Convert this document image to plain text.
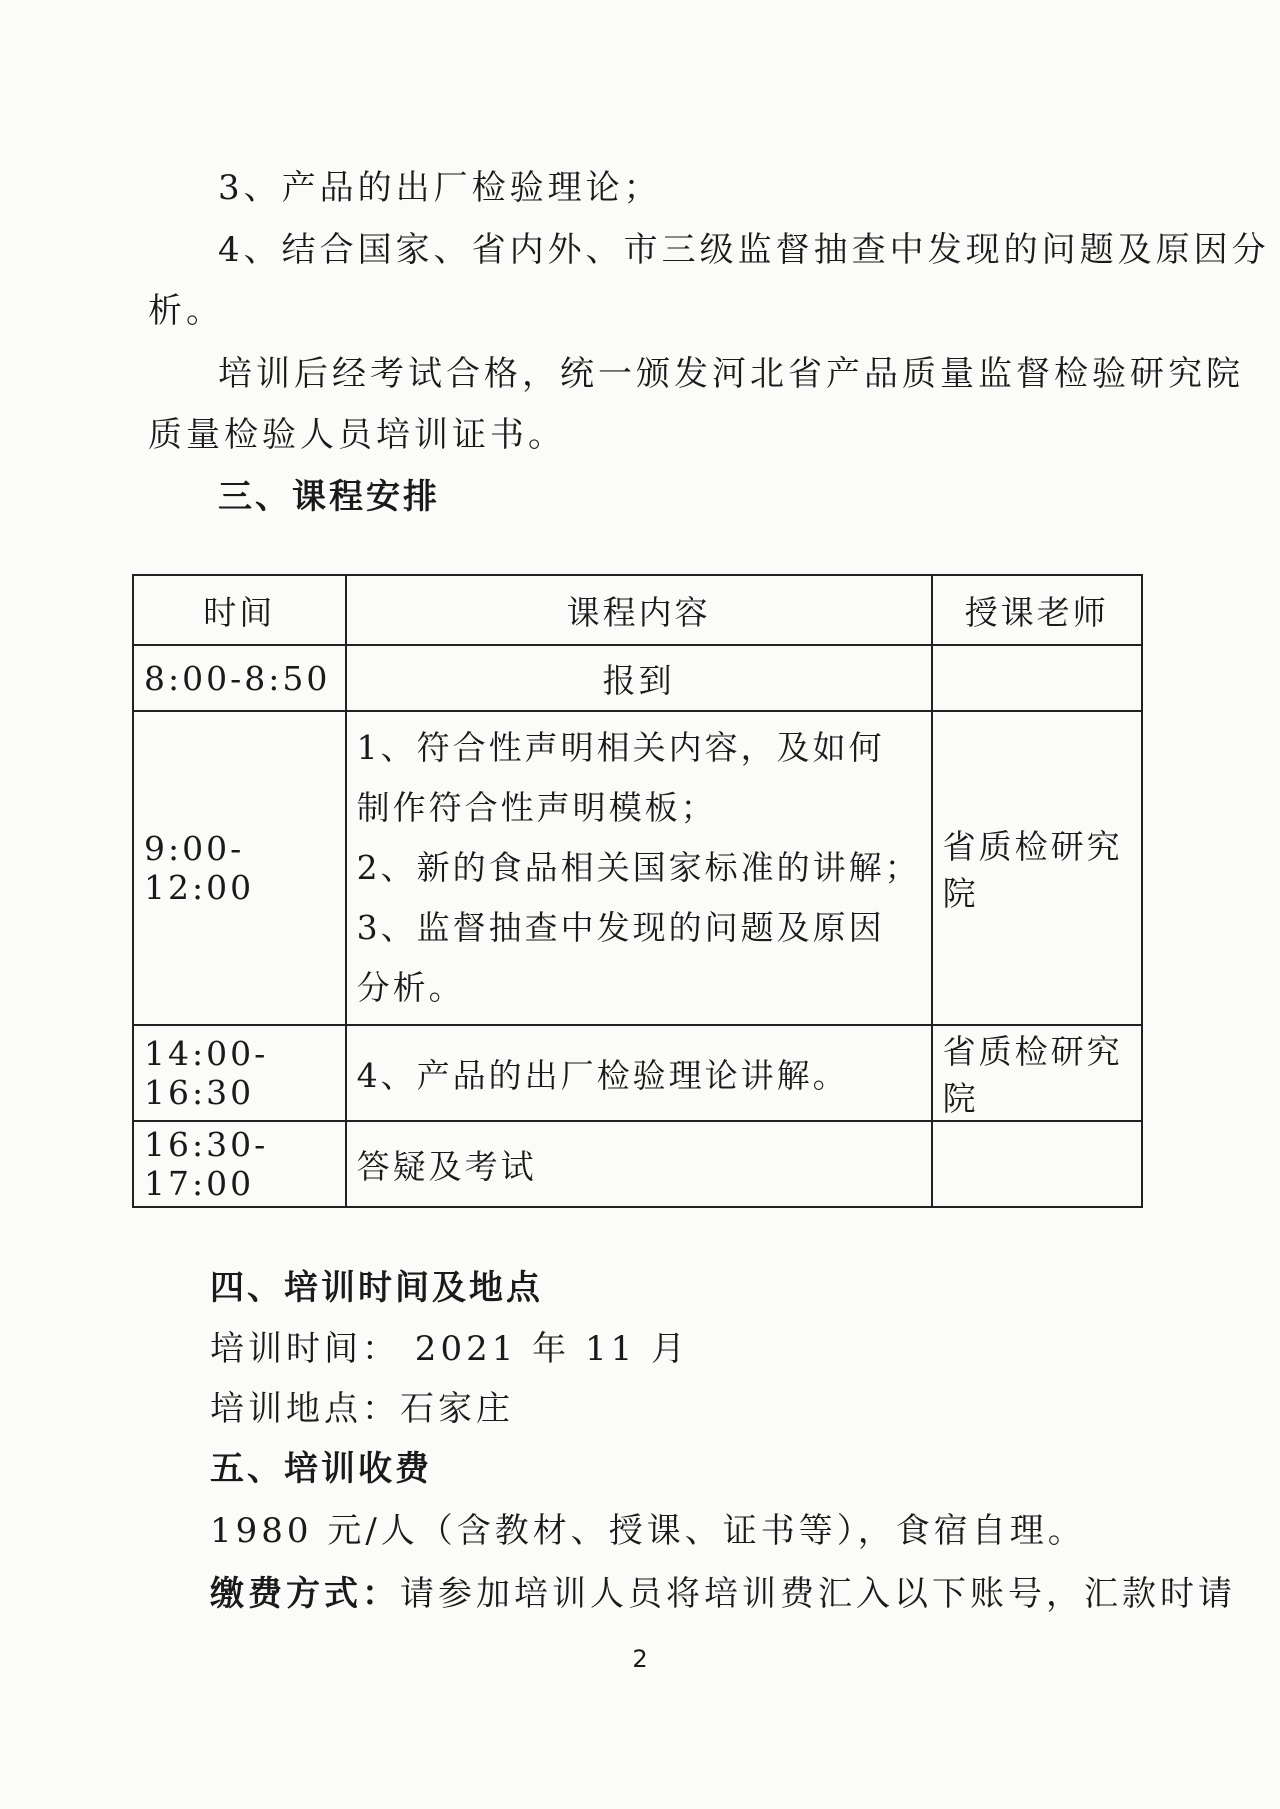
3、产品的出厂检验理论；
4、结合国家、省内外、市三级监督抽查中发现的问题及原因分
析。
培训后经考试合格，统一颁发河北省产品质量监督检验研究院
质量检验人员培训证书。
三、课程安排
时间	课程内容	授课老师
8:00-8:50	报到	
9:00-12:00	1、符合性声明相关内容，及如何
制作符合性声明模板；
2、新的食品相关国家标准的讲解；
3、监督抽查中发现的问题及原因
分析。	省质检研究院
14:00-16:30	4、产品的出厂检验理论讲解。	省质检研究院
16:30-17:00	答疑及考试	
四、培训时间及地点
培训时间： 2021 年 11 月
培训地点：石家庄
五、培训收费
1980 元/人（含教材、授课、证书等），食宿自理。
缴费方式：请参加培训人员将培训费汇入以下账号，汇款时请
2
